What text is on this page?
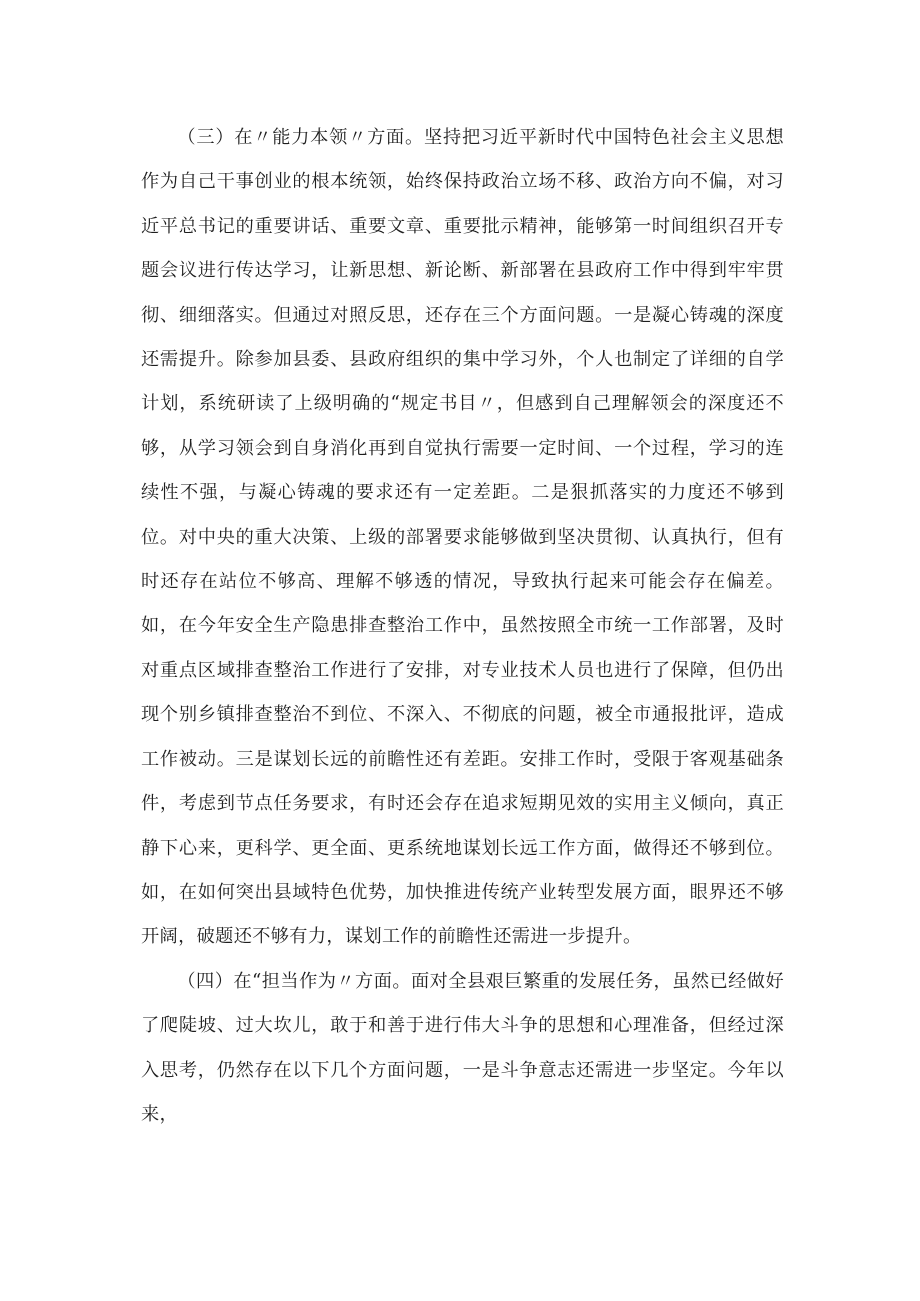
（三）在〃能力本领〃方面。坚持把习近平新时代中国特色社会主义思想作为自己干事创业的根本统领，始终保持政治立场不移、政治方向不偏，对习近平总书记的重要讲话、重要文章、重要批示精神，能够第一时间组织召开专题会议进行传达学习，让新思想、新论断、新部署在县政府工作中得到牢牢贯彻、细细落实。但通过对照反思，还存在三个方面问题。一是凝心铸魂的深度还需提升。除参加县委、县政府组织的集中学习外，个人也制定了详细的自学计划，系统研读了上级明确的“规定书目〃，但感到自己理解领会的深度还不够，从学习领会到自身消化再到自觉执行需要一定时间、一个过程，学习的连续性不强，与凝心铸魂的要求还有一定差距。二是狠抓落实的力度还不够到位。对中央的重大决策、上级的部署要求能够做到坚决贯彻、认真执行，但有时还存在站位不够高、理解不够透的情况，导致执行起来可能会存在偏差。如，在今年安全生产隐患排查整治工作中，虽然按照全市统一工作部署，及时对重点区域排查整治工作进行了安排，对专业技术人员也进行了保障，但仍出现个别乡镇排查整治不到位、不深入、不彻底的问题，被全市通报批评，造成工作被动。三是谋划长远的前瞻性还有差距。安排工作时，受限于客观基础条件，考虑到节点任务要求，有时还会存在追求短期见效的实用主义倾向，真正静下心来，更科学、更全面、更系统地谋划长远工作方面，做得还不够到位。如，在如何突出县域特色优势，加快推进传统产业转型发展方面，眼界还不够开阔，破题还不够有力，谋划工作的前瞻性还需进一步提升。

（四）在“担当作为〃方面。面对全县艰巨繁重的发展任务，虽然已经做好了爬陡坡、过大坎儿，敢于和善于进行伟大斗争的思想和心理准备，但经过深入思考，仍然存在以下几个方面问题，一是斗争意志还需进一步坚定。今年以来，
